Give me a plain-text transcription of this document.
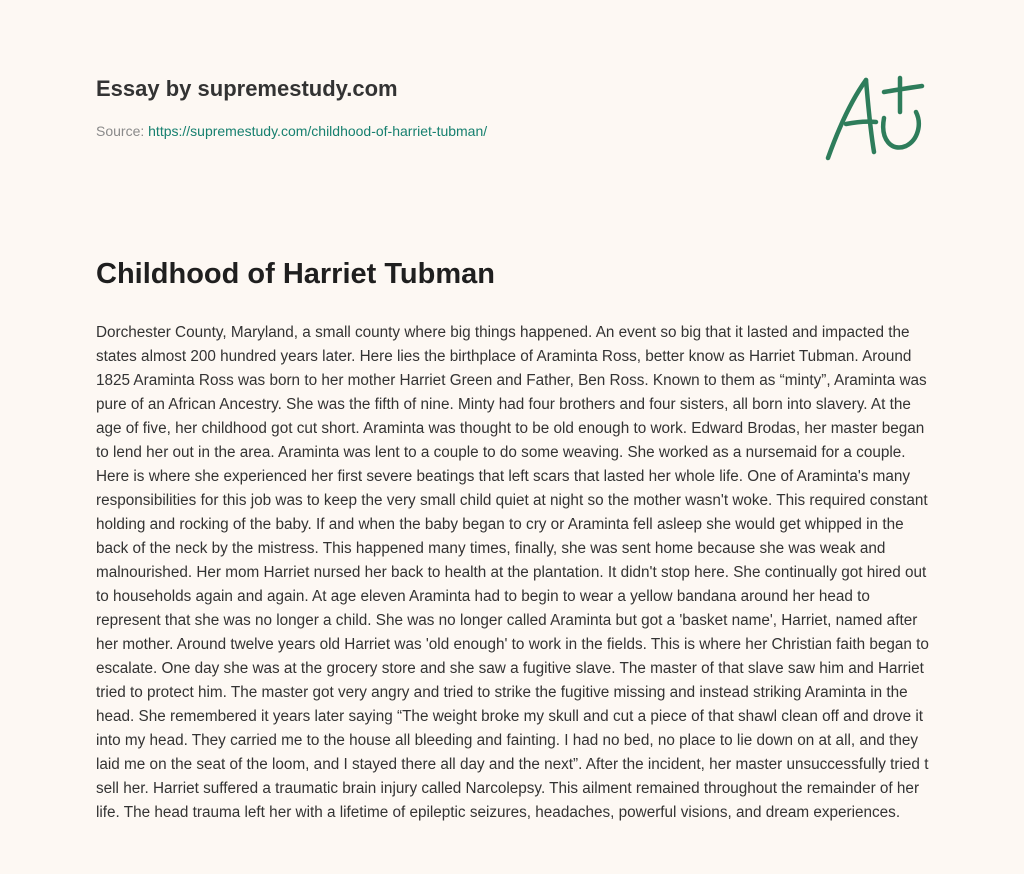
Essay by supremestudy.com
Source: https://supremestudy.com/childhood-of-harriet-tubman/
Childhood of Harriet Tubman

Dorchester County, Maryland, a small county where big things happened. An event so big that it lasted and impacted the states almost 200 hundred years later. Here lies the birthplace of Araminta Ross, better know as Harriet Tubman. Around 1825 Araminta Ross was born to her mother Harriet Green and Father, Ben Ross. Known to them as “minty”, Araminta was pure of an African Ancestry. She was the fifth of nine. Minty had four brothers and four sisters, all born into slavery. At the age of five, her childhood got cut short. Araminta was thought to be old enough to work. Edward Brodas, her master began to lend her out in the area. Araminta was lent to a couple to do some weaving. She worked as a nursemaid for a couple. Here is where she experienced her first severe beatings that left scars that lasted her whole life. One of Araminta's many responsibilities for this job was to keep the very small child quiet at night so the mother wasn't woke. This required constant holding and rocking of the baby. If and when the baby began to cry or Araminta fell asleep she would get whipped in the back of the neck by the mistress. This happened many times, finally, she was sent home because she was weak and malnourished. Her mom Harriet nursed her back to health at the plantation. It didn't stop here. She continually got hired out to households again and again. At age eleven Araminta had to begin to wear a yellow bandana around her head to represent that she was no longer a child. She was no longer called Araminta but got a 'basket name', Harriet, named after her mother. Around twelve years old Harriet was 'old enough' to work in the fields. This is where her Christian faith began to escalate. One day she was at the grocery store and she saw a fugitive slave. The master of that slave saw him and Harriet tried to protect him. The master got very angry and tried to strike the fugitive missing and instead striking Araminta in the head. She remembered it years later saying “The weight broke my skull and cut a piece of that shawl clean off and drove it into my head. They carried me to the house all bleeding and fainting. I had no bed, no place to lie down on at all, and they laid me on the seat of the loom, and I stayed there all day and the next”. After the incident, her master unsuccessfully tried t sell her. Harriet suffered a traumatic brain injury called Narcolepsy. This ailment remained throughout the remainder of her life. The head trauma left her with a lifetime of epileptic seizures, headaches, powerful visions, and dream experiences.
